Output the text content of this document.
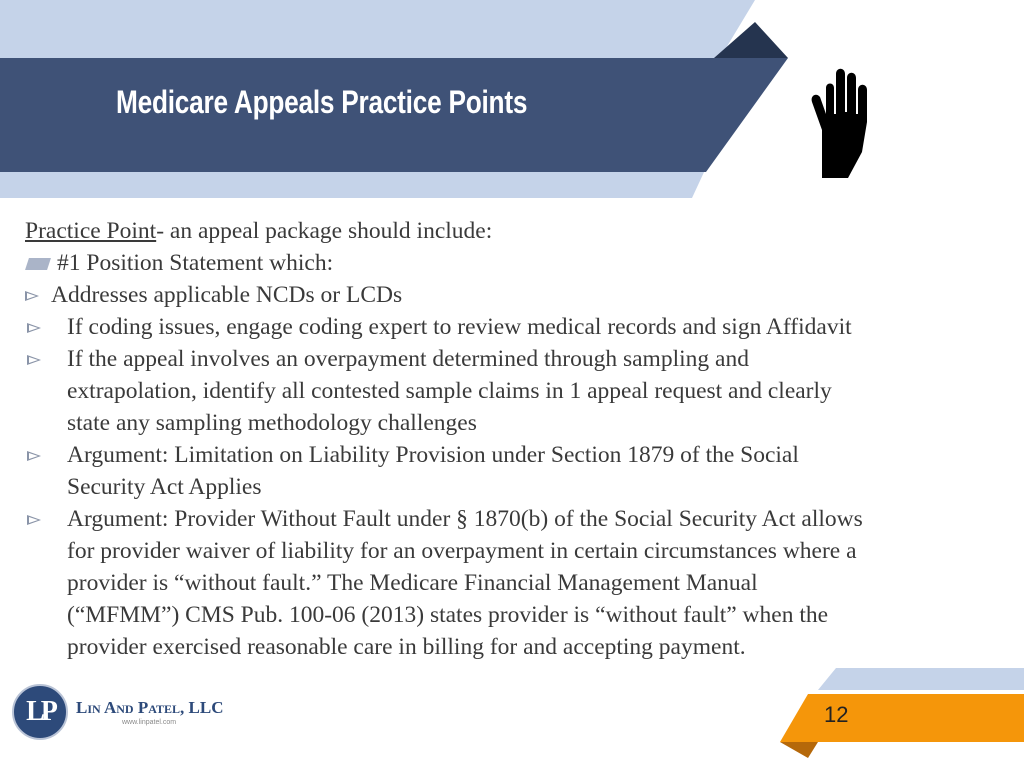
Medicare Appeals Practice Points
Practice Point- an appeal package should include:
#1 Position Statement which:
Addresses applicable NCDs or LCDs
If coding issues, engage coding expert to review medical records and sign Affidavit
If the appeal involves an overpayment determined through sampling and
extrapolation, identify all contested sample claims in 1 appeal request and clearly
state any sampling methodology challenges
Argument: Limitation on Liability Provision under Section 1879 of the Social
Security Act Applies
Argument: Provider Without Fault under § 1870(b) of the Social Security Act allows
for provider waiver of liability for an overpayment in certain circumstances where a
provider is “without fault.” The Medicare Financial Management Manual
(“MFMM”) CMS Pub. 100-06 (2013) states provider is “without fault” when the
provider exercised reasonable care in billing for and accepting payment.
LP	Lin And Patel, LLC
www.linpatel.com	12
